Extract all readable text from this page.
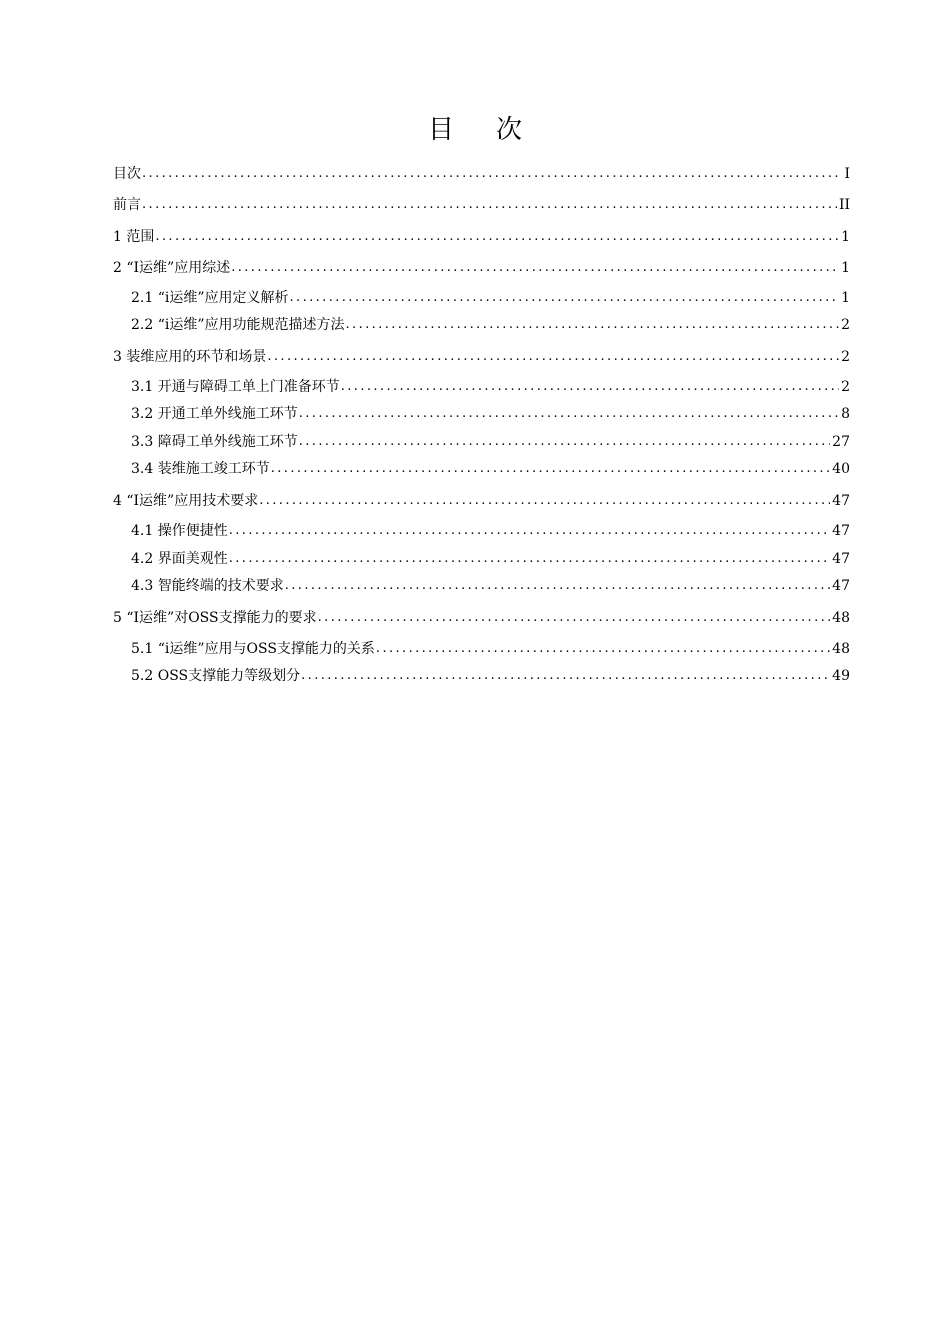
目 次
目次 .....	I
前言 .....	II
1 范围 .....	1
2 “I运维”应用综述 .....	1
2.1 “i运维”应用定义解析 .....	1
2.2 “i运维”应用功能规范描述方法 .....	2
3 装维应用的环节和场景 .....	2
3.1 开通与障碍工单上门准备环节 .....	2
3.2 开通工单外线施工环节 .....	8
3.3 障碍工单外线施工环节 .....	27
3.4 装维施工竣工环节 .....	40
4 “I运维”应用技术要求 .....	47
4.1 操作便捷性 .....	47
4.2 界面美观性 .....	47
4.3 智能终端的技术要求 .....	47
5 “I运维”对OSS支撑能力的要求 .....	48
5.1 “i运维”应用与OSS支撑能力的关系 .....	48
5.2 OSS支撑能力等级划分 .....	49
